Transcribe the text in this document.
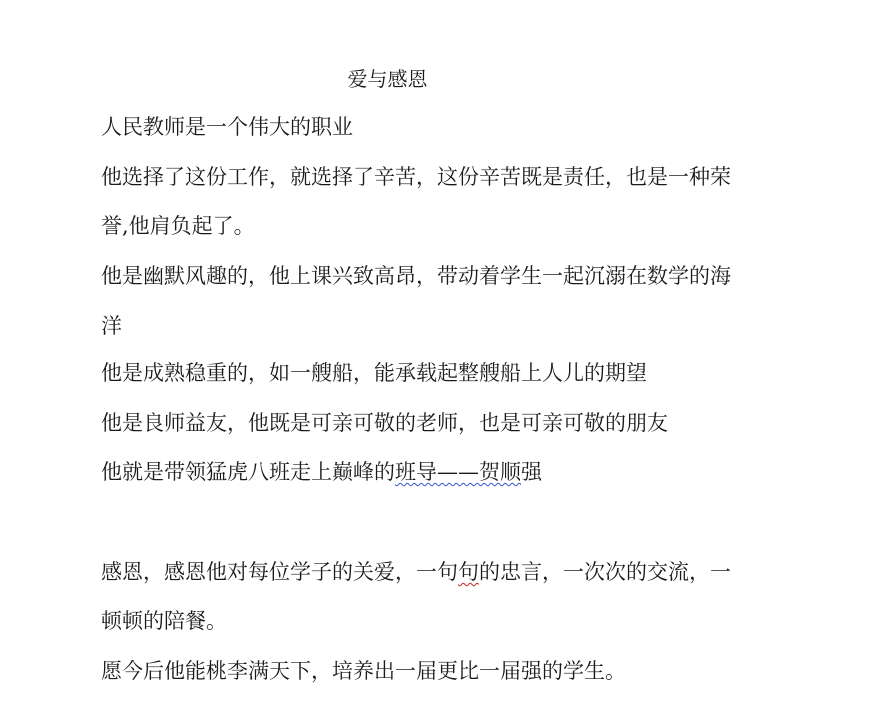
爱与感恩

人民教师是一个伟大的职业

他选择了这份工作，就选择了辛苦，这份辛苦既是责任，也是一种荣

誉,他肩负起了。

他是幽默风趣的，他上课兴致高昂，带动着学生一起沉溺在数学的海

洋

他是成熟稳重的，如一艘船，能承载起整艘船上人儿的期望

他是良师益友，他既是可亲可敬的老师，也是可亲可敬的朋友

他就是带领猛虎八班走上巅峰的班导——贺顺强

感恩，感恩他对每位学子的关爱，一句句的忠言，一次次的交流，一

顿顿的陪餐。

愿今后他能桃李满天下，培养出一届更比一届强的学生。
